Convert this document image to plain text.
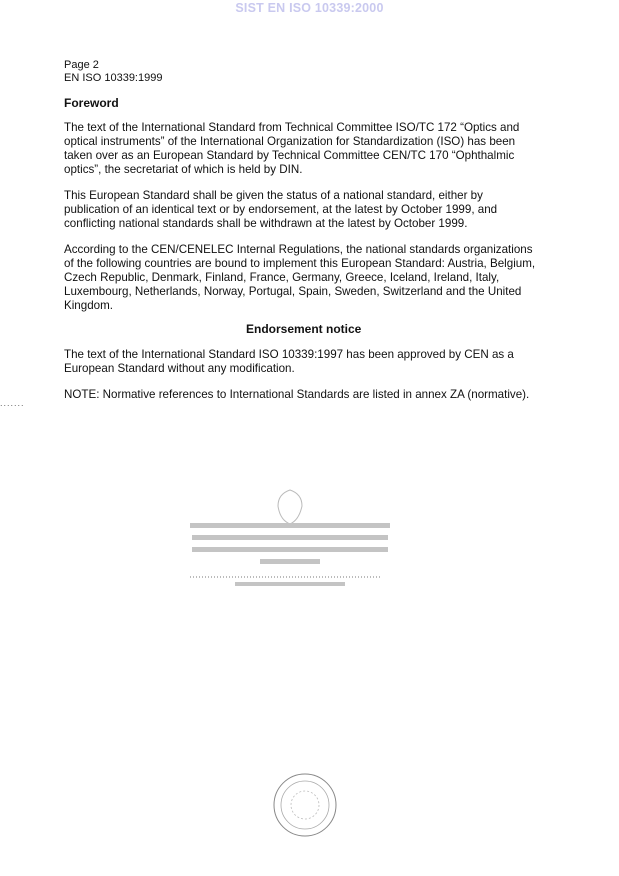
SIST EN ISO 10339:2000
Page 2
EN ISO 10339:1999
Foreword
The text of the International Standard from Technical Committee ISO/TC 172 “Optics and
optical instruments” of the International Organization for Standardization (ISO) has been
taken over as an European Standard by Technical Committee CEN/TC 170 “Ophthalmic
optics”, the secretariat of which is held by DIN.
This European Standard shall be given the status of a national standard, either by
publication of an identical text or by endorsement, at the latest by October 1999, and
conflicting national standards shall be withdrawn at the latest by October 1999.
According to the CEN/CENELEC Internal Regulations, the national standards organizations
of the following countries are bound to implement this European Standard: Austria, Belgium,
Czech Republic, Denmark, Finland, France, Germany, Greece, Iceland, Ireland, Italy,
Luxembourg, Netherlands, Norway, Portugal, Spain, Sweden, Switzerland and the United
Kingdom.
Endorsement notice
The text of the International Standard ISO 10339:1997 has been approved by CEN as a
European Standard without any modification.
NOTE: Normative references to International Standards are listed in annex ZA (normative).
.......
